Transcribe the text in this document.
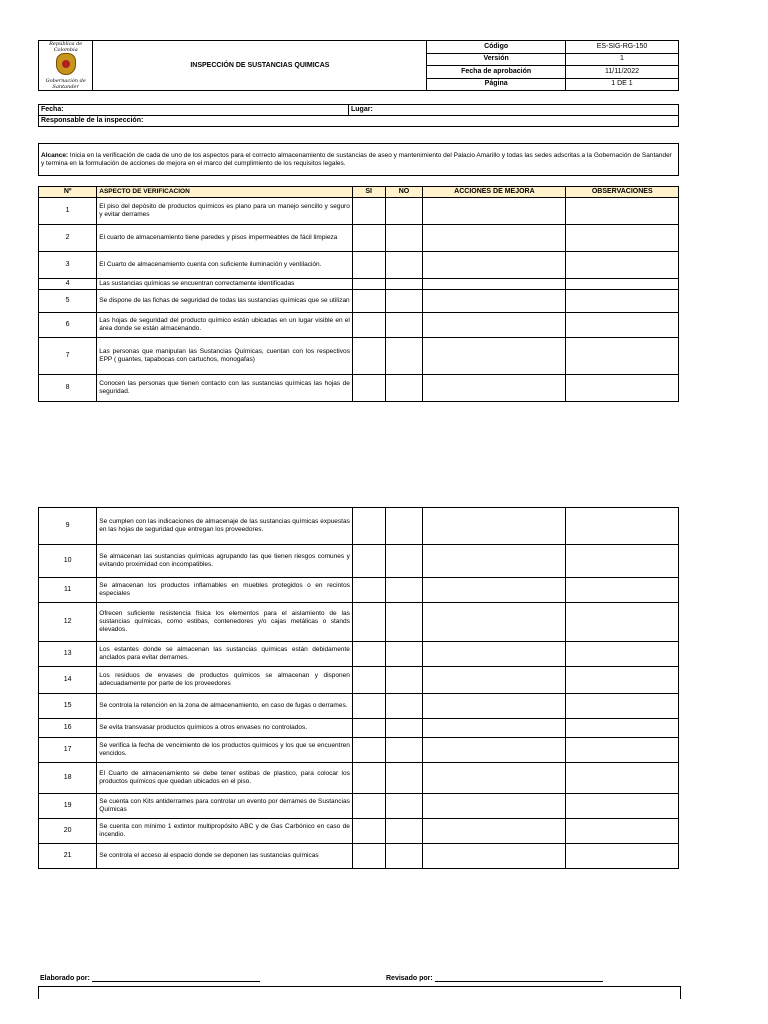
República de Colombia
Gobernación de Santander	INSPECCIÓN DE SUSTANCIAS QUIMICAS	Código	ES-SIG-RG-150
		Versión	1
		Fecha de aprobación	11/11/2022
		Página	1 DE 1
Fecha:	Lugar:
Responsable de la inspección:
Alcance: Inicia en la verificación de cada de uno de los aspectos para el correcto almacenamiento de sustancias de aseo y mantenimiento del Palacio Amarillo y todas las sedes adscritas a la Gobernación de Santander y termina en la formulación de acciones de mejora en el marco del cumplimiento de los requisitos legales.
Nº	ASPECTO DE VERIFICACION	SI	NO	ACCIONES DE MEJORA	OBSERVACIONES
1	El piso del depósito de productos químicos es plano para un manejo sencillo y seguro y evitar derrames				
2	El cuarto de almacenamiento tiene paredes y pisos impermeables de fácil limpieza				
3	El Cuarto de almacenamiento cuenta con suficiente iluminación y ventilación.				
4	Las sustancias químicas se encuentran correctamente identificadas				
5	Se dispone de las fichas de seguridad de todas las sustancias químicas que se utilizan				
6	Las hojas de seguridad del producto químico están ubicadas en un lugar visible en el área donde se están almacenando.				
7	Las personas que manipulan las Sustancias Químicas, cuentan con los respectivos EPP ( guantes, tapabocas con cartuchos, monogafas)				
8	Conocen las personas que tienen contacto con las sustancias químicas las hojas de seguridad.				
9	Se cumplen con las indicaciones de almacenaje de las sustancias químicas expuestas en las hojas de seguridad que entregan los proveedores.				
10	Se almacenan las sustancias químicas agrupando las que tienen riesgos comunes y evitando proximidad con incompatibles.				
11	Se almacenan los productos inflamables en muebles protegidos o en recintos especiales				
12	Ofrecen suficiente resistencia física los elementos para el aislamiento de las sustancias químicas, como estibas, contenedores y/o cajas metálicas o stands elevados.				
13	Los estantes donde se almacenan las sustancias químicas están debidamente anclados para evitar derrames.				
14	Los residuos de envases de productos químicos se almacenan y disponen adecuadamente por parte de los proveedores				
15	Se controla la retención en la zona de almacenamiento, en caso de fugas o derrames.				
16	Se evita transvasar productos químicos a otros envases no controlados.				
17	Se verifica la fecha de vencimiento de los productos químicos y los que se encuentren vencidos.				
18	El Cuarto de almacenamiento se debe tener estibas de plastico, para colocar los productos químicos que quedan ubicados en el piso.				
19	Se cuenta con Kits antiderrames para controlar un evento por derrames de Sustancias Químicas				
20	Se cuenta con mínimo 1 extintor multipropósito ABC y de Gas Carbónico en caso de incendio.				
21	Se controla el acceso al espacio donde se deponen las sustancias químicas				
Elaborado por:	Revisado por:
